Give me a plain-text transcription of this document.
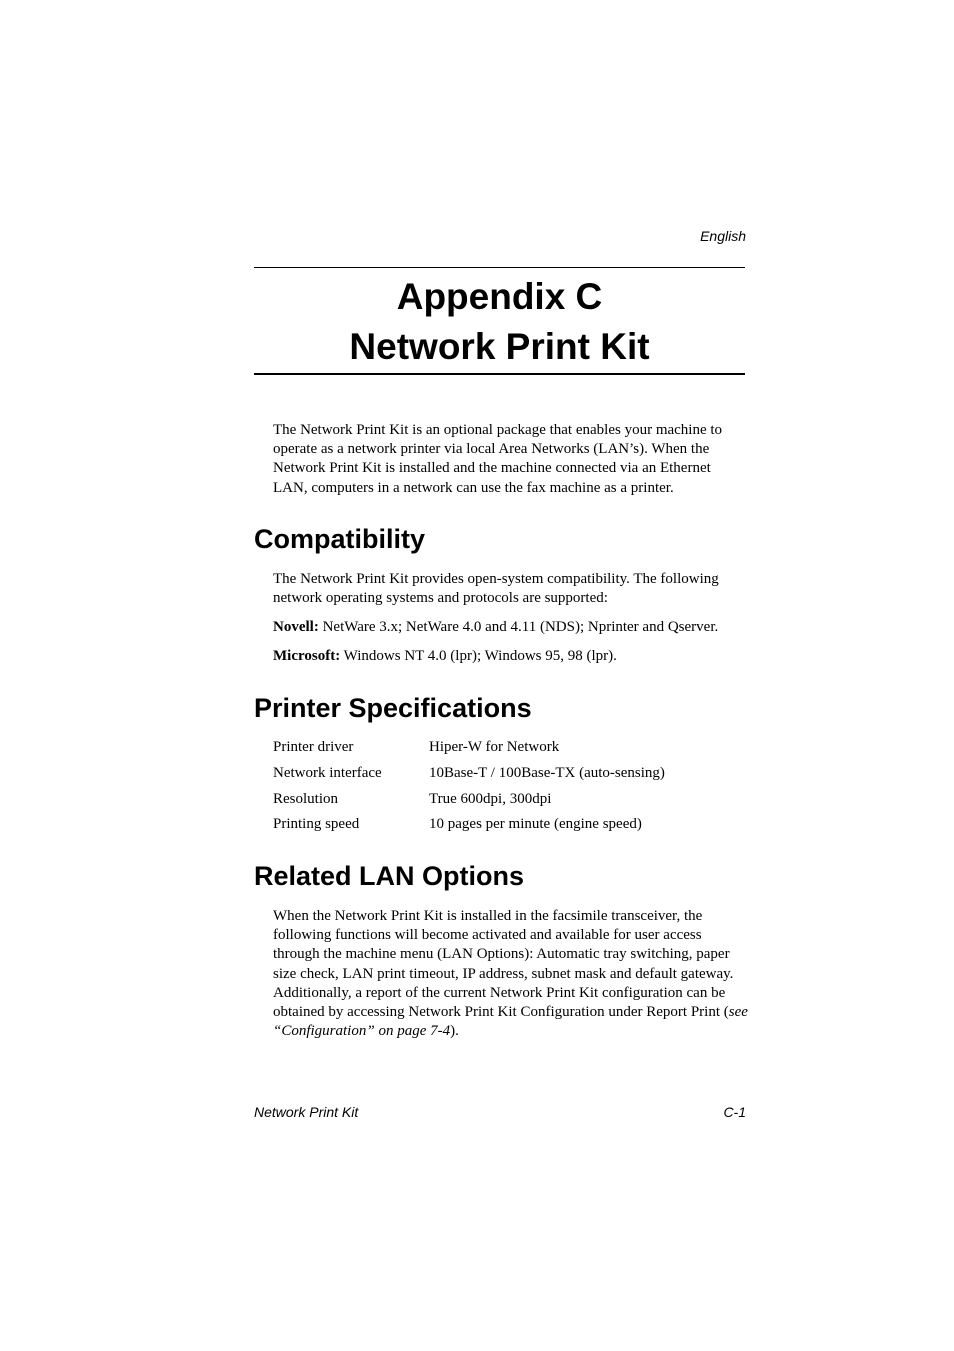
English
Appendix C
Network Print Kit

The Network Print Kit is an optional package that enables your machine to operate as a network printer via local Area Networks (LAN’s). When the Network Print Kit is installed and the machine connected via an Ethernet LAN, computers in a network can use the fax machine as a printer.

Compatibility

The Network Print Kit provides open-system compatibility. The following network operating systems and protocols are supported:

Novell: NetWare 3.x; NetWare 4.0 and 4.11 (NDS); Nprinter and Qserver.

Microsoft: Windows NT 4.0 (lpr); Windows 95, 98 (lpr).

Printer Specifications
Printer driver	Hiper-W for Network
Network interface	10Base-T / 100Base-TX (auto-sensing)
Resolution	True 600dpi, 300dpi
Printing speed	10 pages per minute (engine speed)
Related LAN Options

When the Network Print Kit is installed in the facsimile transceiver, the following functions will become activated and available for user access through the machine menu (LAN Options): Automatic tray switching, paper size check, LAN print timeout, IP address, subnet mask and default gateway. Additionally, a report of the current Network Print Kit configuration can be obtained by accessing Network Print Kit Configuration under Report Print (see “Configuration” on page 7-4).

Network Print Kit	C-1
